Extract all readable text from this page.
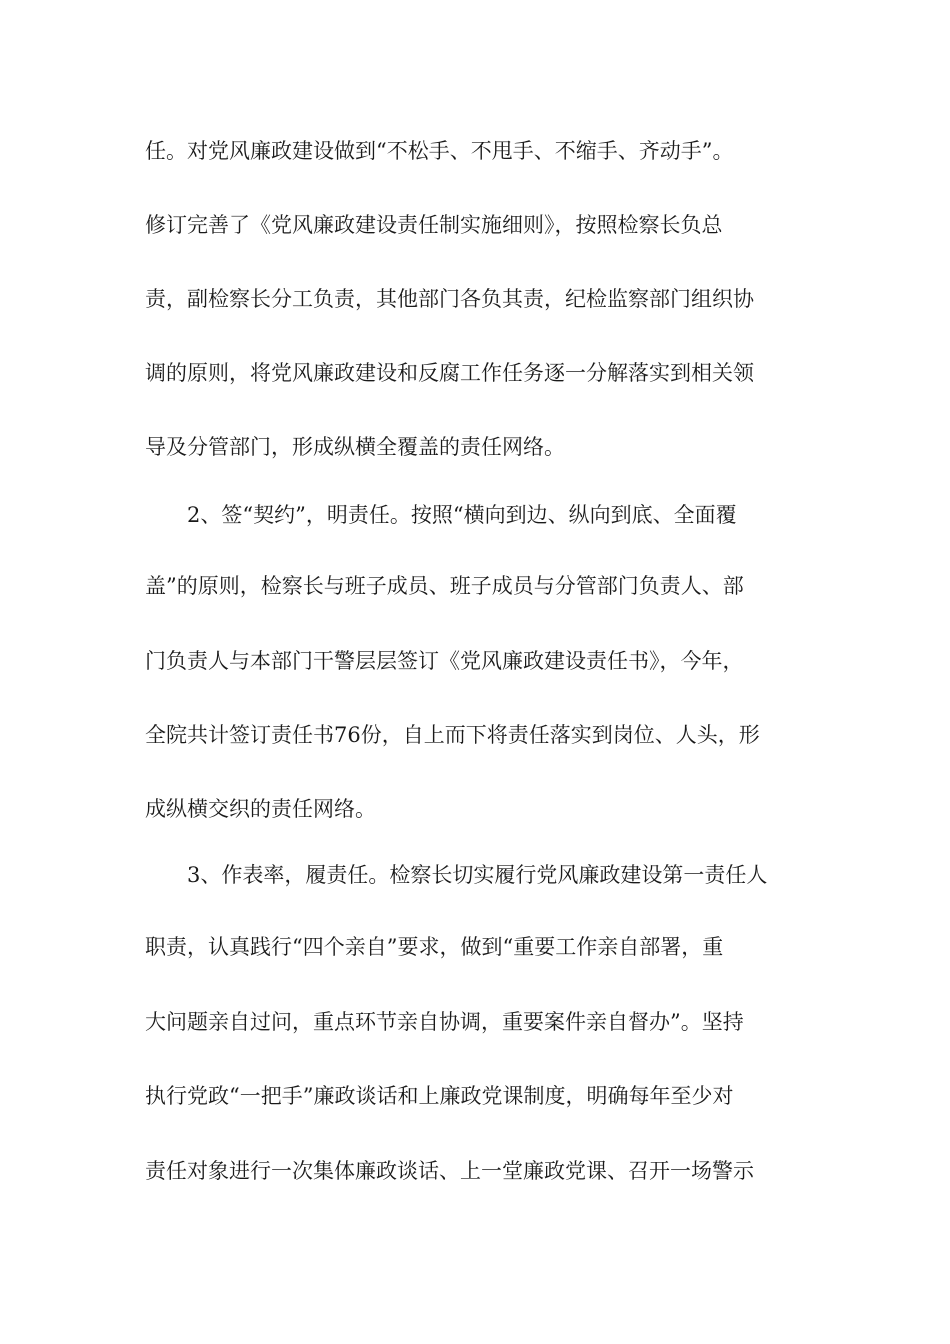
任。对党风廉政建设做到“不松手、不甩手、不缩手、齐动手”。
修订完善了《党风廉政建设责任制实施细则》，按照检察长负总
责，副检察长分工负责，其他部门各负其责，纪检监察部门组织协
调的原则，将党风廉政建设和反腐工作任务逐一分解落实到相关领
导及分管部门，形成纵横全覆盖的责任网络。
2、签“契约”，明责任。按照“横向到边、纵向到底、全面覆
盖”的原则，检察长与班子成员、班子成员与分管部门负责人、部
门负责人与本部门干警层层签订《党风廉政建设责任书》，今年，
全院共计签订责任书76份，自上而下将责任落实到岗位、人头，形
成纵横交织的责任网络。
3、作表率，履责任。检察长切实履行党风廉政建设第一责任人
职责，认真践行“四个亲自”要求，做到“重要工作亲自部署，重
大问题亲自过问，重点环节亲自协调，重要案件亲自督办”。坚持
执行党政“一把手”廉政谈话和上廉政党课制度，明确每年至少对
责任对象进行一次集体廉政谈话、上一堂廉政党课、召开一场警示
